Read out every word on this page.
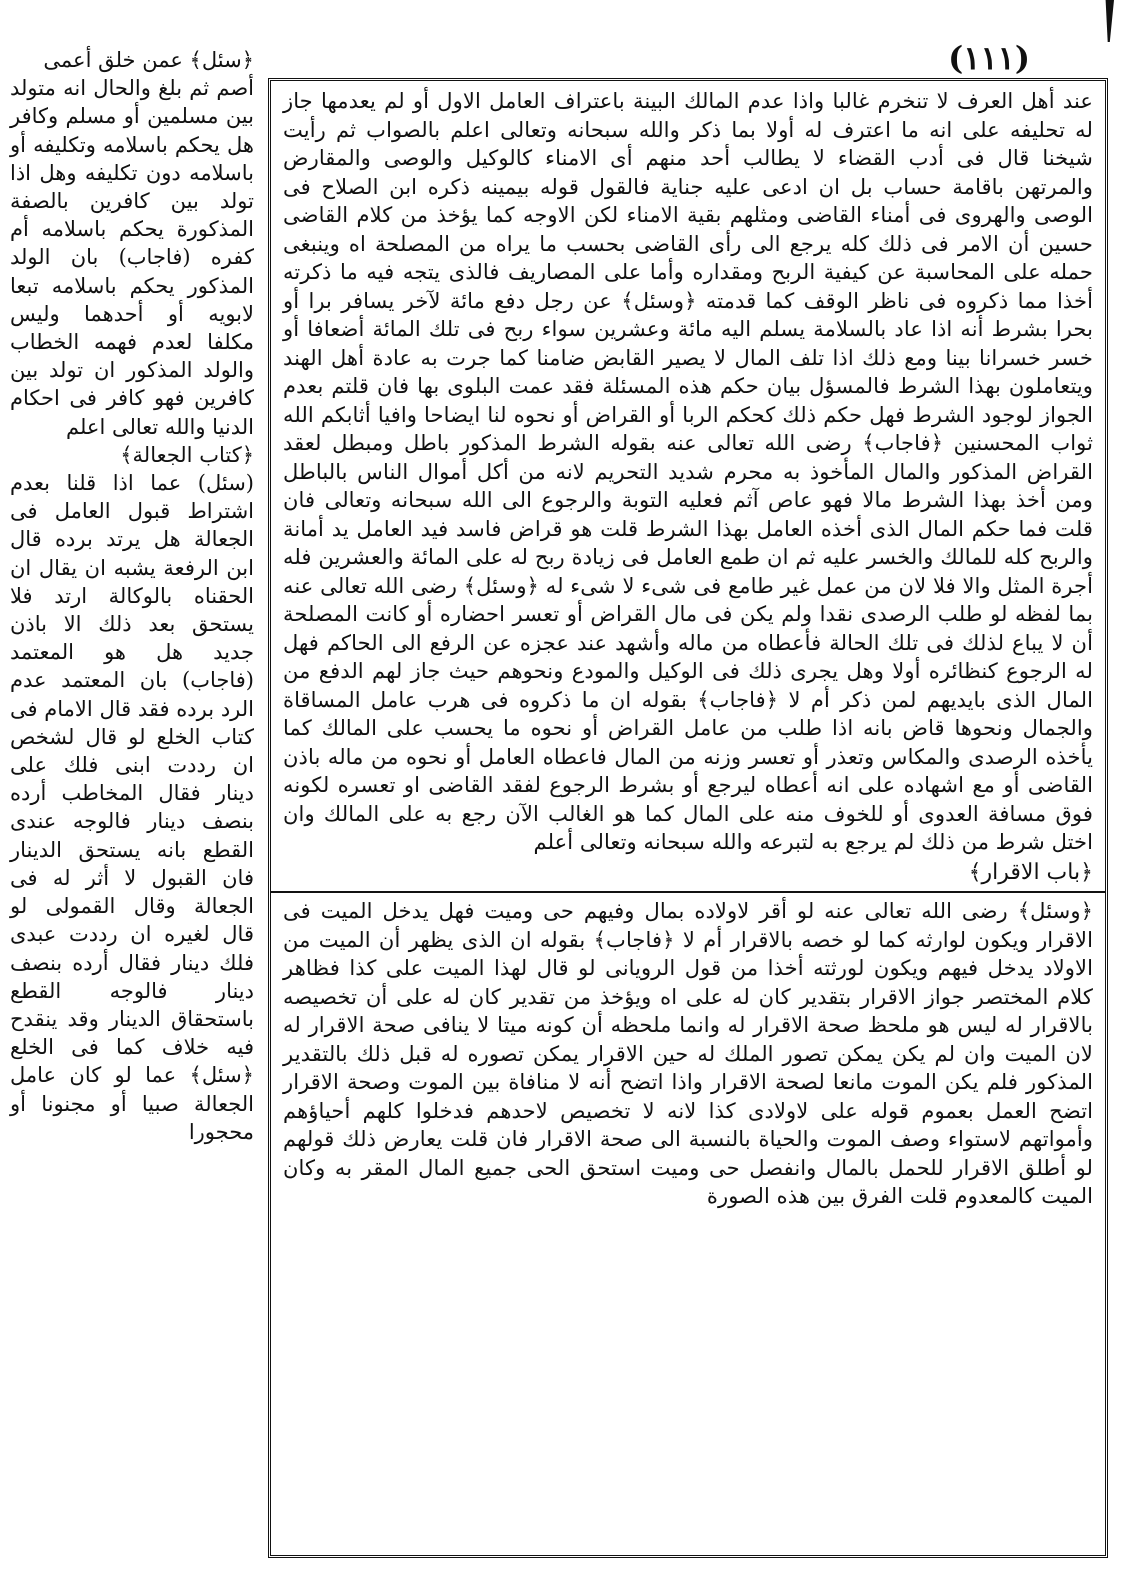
(١١١)

﴿سئل﴾ عمن خلق أعمى

أصم ثم بلغ والحال انه متولد بين مسلمين أو مسلم وكافر هل يحكم باسلامه وتكليفه أو باسلامه دون تكليفه وهل اذا تولد بين كافرين بالصفة المذكورة يحكم باسلامه أم كفره (فاجاب) بان الولد المذكور يحكم باسلامه تبعا لابويه أو أحدهما وليس مكلفا لعدم فهمه الخطاب والولد المذكور ان تولد بين كافرين فهو كافر فى احكام الدنيا والله تعالى اعلم

﴿كتاب الجعالة﴾

(سئل) عما اذا قلنا بعدم اشتراط قبول العامل فى الجعالة هل يرتد برده قال ابن الرفعة يشبه ان يقال ان الحقناه بالوكالة ارتد فلا يستحق بعد ذلك الا باذن جديد هل هو المعتمد (فاجاب) بان المعتمد عدم الرد برده فقد قال الامام فى كتاب الخلع لو قال لشخص ان رددت ابنى فلك على دينار فقال المخاطب أرده بنصف دينار فالوجه عندى القطع بانه يستحق الدينار فان القبول لا أثر له فى الجعالة وقال القمولى لو قال لغيره ان رددت عبدى فلك دينار فقال أرده بنصف دينار فالوجه القطع باستحقاق الدينار وقد ينقدح فيه خلاف كما فى الخلع ﴿سئل﴾ عما لو كان عامل الجعالة صبيا أو مجنونا أو محجورا

عند أهل العرف لا تنخرم غالبا واذا عدم المالك البينة باعتراف العامل الاول أو لم يعدمها جاز له تحليفه على انه ما اعترف له أولا بما ذكر والله سبحانه وتعالى اعلم بالصواب ثم رأيت شيخنا قال فى أدب القضاء لا يطالب أحد منهم أى الامناء كالوكيل والوصى والمقارض والمرتهن باقامة حساب بل ان ادعى عليه جناية فالقول قوله بيمينه ذكره ابن الصلاح فى الوصى والهروى فى أمناء القاضى ومثلهم بقية الامناء لكن الاوجه كما يؤخذ من كلام القاضى حسين أن الامر فى ذلك كله يرجع الى رأى القاضى بحسب ما يراه من المصلحة اه وينبغى حمله على المحاسبة عن كيفية الربح ومقداره وأما على المصاريف فالذى يتجه فيه ما ذكرته أخذا مما ذكروه فى ناظر الوقف كما قدمته ﴿وسئل﴾ عن رجل دفع مائة لآخر يسافر برا أو بحرا بشرط أنه اذا عاد بالسلامة يسلم اليه مائة وعشرين سواء ربح فى تلك المائة أضعافا أو خسر خسرانا بينا ومع ذلك اذا تلف المال لا يصير القابض ضامنا كما جرت به عادة أهل الهند ويتعاملون بهذا الشرط فالمسؤل بيان حكم هذه المسئلة فقد عمت البلوى بها فان قلتم بعدم الجواز لوجود الشرط فهل حكم ذلك كحكم الربا أو القراض أو نحوه لنا ايضاحا وافيا أثابكم الله ثواب المحسنين ﴿فاجاب﴾ رضى الله تعالى عنه بقوله الشرط المذكور باطل ومبطل لعقد القراض المذكور والمال المأخوذ به محرم شديد التحريم لانه من أكل أموال الناس بالباطل ومن أخذ بهذا الشرط مالا فهو عاص آثم فعليه التوبة والرجوع الى الله سبحانه وتعالى فان قلت فما حكم المال الذى أخذه العامل بهذا الشرط قلت هو قراض فاسد فيد العامل يد أمانة والربح كله للمالك والخسر عليه ثم ان طمع العامل فى زيادة ربح له على المائة والعشرين فله أجرة المثل والا فلا لان من عمل غير طامع فى شىء لا شىء له ﴿وسئل﴾ رضى الله تعالى عنه بما لفظه لو طلب الرصدى نقدا ولم يكن فى مال القراض أو تعسر احضاره أو كانت المصلحة أن لا يباع لذلك فى تلك الحالة فأعطاه من ماله وأشهد عند عجزه عن الرفع الى الحاكم فهل له الرجوع كنظائره أولا وهل يجرى ذلك فى الوكيل والمودع ونحوهم حيث جاز لهم الدفع من المال الذى بايديهم لمن ذكر أم لا ﴿فاجاب﴾ بقوله ان ما ذكروه فى هرب عامل المساقاة والجمال ونحوها قاض بانه اذا طلب من عامل القراض أو نحوه ما يحسب على المالك كما يأخذه الرصدى والمكاس وتعذر أو تعسر وزنه من المال فاعطاه العامل أو نحوه من ماله باذن القاضى أو مع اشهاده على انه أعطاه ليرجع أو بشرط الرجوع لفقد القاضى او تعسره لكونه فوق مسافة العدوى أو للخوف منه على المال كما هو الغالب الآن رجع به على المالك وان اختل شرط من ذلك لم يرجع به لتبرعه والله سبحانه وتعالى أعلم

﴿باب الاقرار﴾

﴿وسئل﴾ رضى الله تعالى عنه لو أقر لاولاده بمال وفيهم حى وميت فهل يدخل الميت فى الاقرار ويكون لوارثه كما لو خصه بالاقرار أم لا ﴿فاجاب﴾ بقوله ان الذى يظهر أن الميت من الاولاد يدخل فيهم ويكون لورثته أخذا من قول الرويانى لو قال لهذا الميت على كذا فظاهر كلام المختصر جواز الاقرار بتقدير كان له على اه ويؤخذ من تقدير كان له على أن تخصيصه بالاقرار له ليس هو ملحظ صحة الاقرار له وانما ملحظه أن كونه ميتا لا ينافى صحة الاقرار له لان الميت وان لم يكن يمكن تصور الملك له حين الاقرار يمكن تصوره له قبل ذلك بالتقدير المذكور فلم يكن الموت مانعا لصحة الاقرار واذا اتضح أنه لا منافاة بين الموت وصحة الاقرار اتضح العمل بعموم قوله على لاولادى كذا لانه لا تخصيص لاحدهم فدخلوا كلهم أحياؤهم وأمواتهم لاستواء وصف الموت والحياة بالنسبة الى صحة الاقرار فان قلت يعارض ذلك قولهم لو أطلق الاقرار للحمل بالمال وانفصل حى وميت استحق الحى جميع المال المقر به وكان الميت كالمعدوم قلت الفرق بين هذه الصورة
